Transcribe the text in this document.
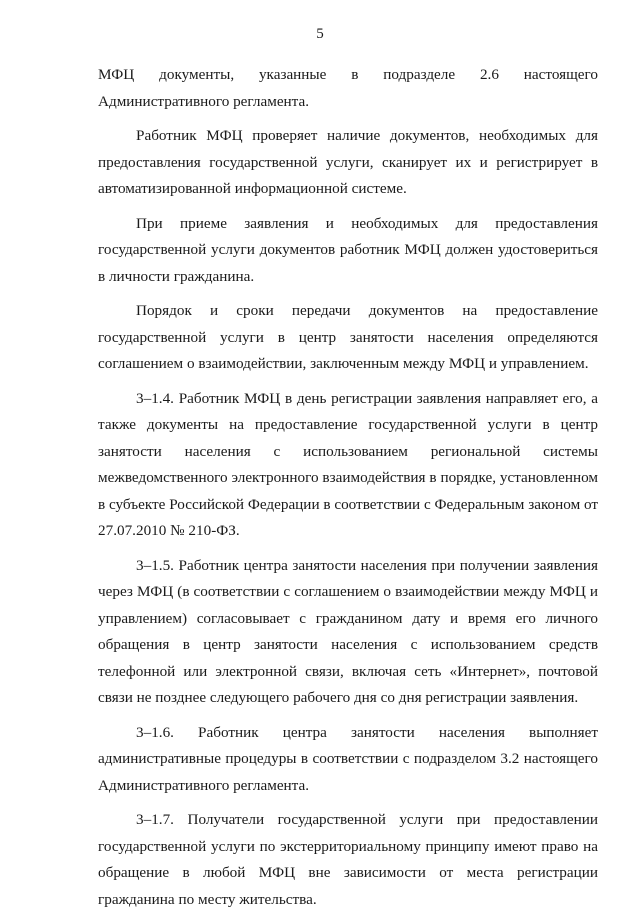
5

МФЦ документы, указанные в подразделе 2.6 настоящего Административного регламента.

Работник МФЦ проверяет наличие документов, необходимых для предоставления государственной услуги, сканирует их и регистрирует в автоматизированной информационной системе.

При приеме заявления и необходимых для предоставления государственной услуги документов работник МФЦ должен удостовериться в личности гражданина.

Порядок и сроки передачи документов на предоставление государственной услуги в центр занятости населения определяются соглашением о взаимодействии, заключенным между МФЦ и управлением.

3–1.4. Работник МФЦ в день регистрации заявления направляет его, а также документы на предоставление государственной услуги в центр занятости населения с использованием региональной системы межведомственного электронного взаимодействия в порядке, установленном в субъекте Российской Федерации в соответствии с Федеральным законом от 27.07.2010 № 210-ФЗ.

3–1.5. Работник центра занятости населения при получении заявления через МФЦ (в соответствии с соглашением о взаимодействии между МФЦ и управлением) согласовывает с гражданином дату и время его личного обращения в центр занятости населения с использованием средств телефонной или электронной связи, включая сеть «Интернет», почтовой связи не позднее следующего рабочего дня со дня регистрации заявления.

3–1.6. Работник центра занятости населения выполняет административные процедуры в соответствии с подразделом 3.2 настоящего Административного регламента.

3–1.7. Получатели государственной услуги при предоставлении государственной услуги по экстерриториальному принципу имеют право на обращение в любой МФЦ вне зависимости от места регистрации гражданина по месту жительства.
